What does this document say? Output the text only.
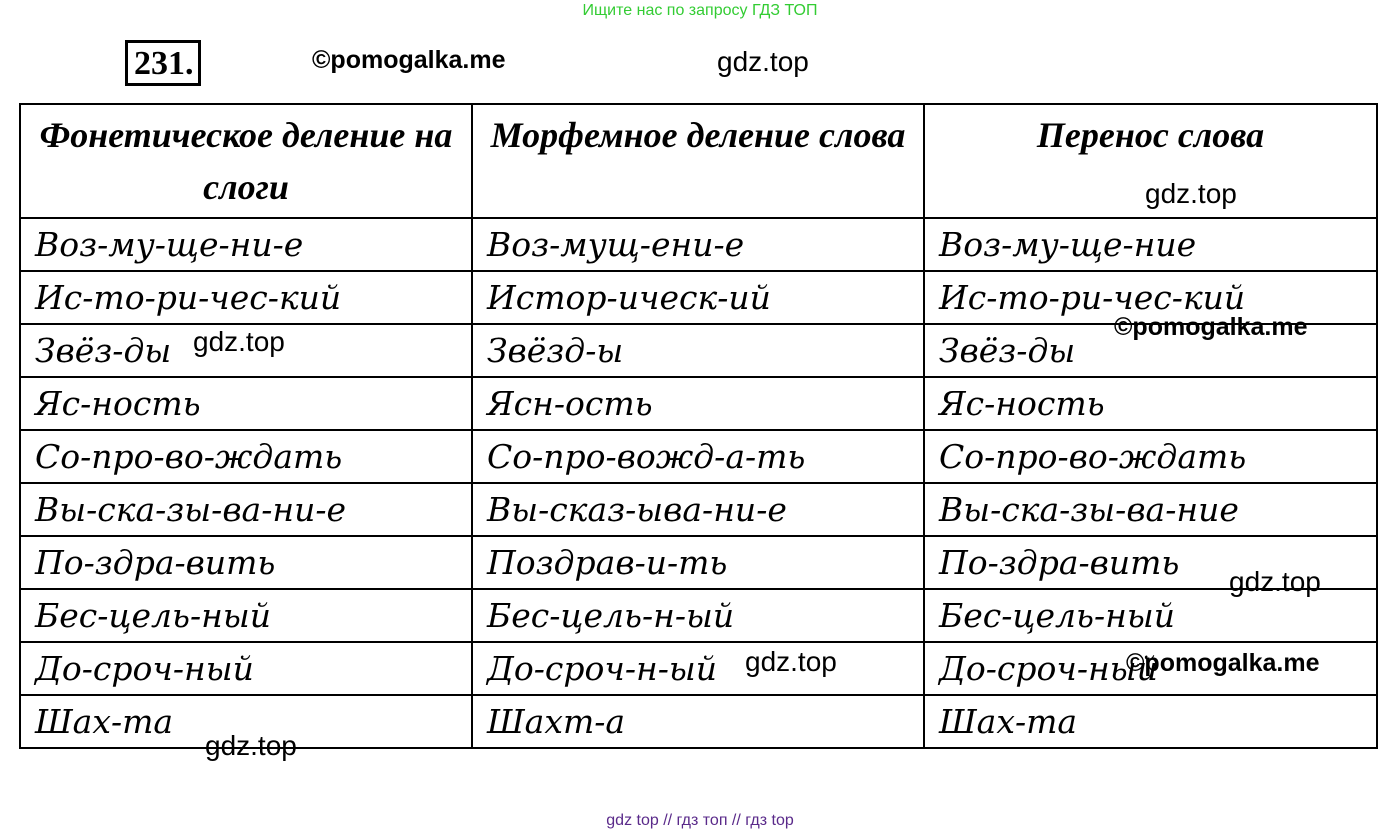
Ищите нас по запросу ГДЗ ТОП
231.	©pomogalka.me	gdz.top
Фонетическое деление на слоги	Морфемное деление слова	Перенос слова
Воз-му-ще-ни-е	Воз-мущ-ени-е	Воз-му-ще-ние
Ис-то-ри-чес-кий	Истор-ическ-ий	Ис-то-ри-чес-кий
Звёз-ды	Звёзд-ы	Звёз-ды
Яс-ность	Ясн-ость	Яс-ность
Со-про-во-ждать	Со-про-вожд-а-ть	Со-про-во-ждать
Вы-ска-зы-ва-ни-е	Вы-сказ-ыва-ни-е	Вы-ска-зы-ва-ние
По-здра-вить	Поздрав-и-ть	По-здра-вить
Бес-цель-ный	Бес-цель-н-ый	Бес-цель-ный
До-сроч-ный	До-сроч-н-ый	До-сроч-ный
Шах-та	Шахт-а	Шах-та
gdz.top
gdz.top	©pomogalka.me
gdz.top
gdz.top	©pomogalka.me
gdz.top
gdz top // гдз топ // гдз top
